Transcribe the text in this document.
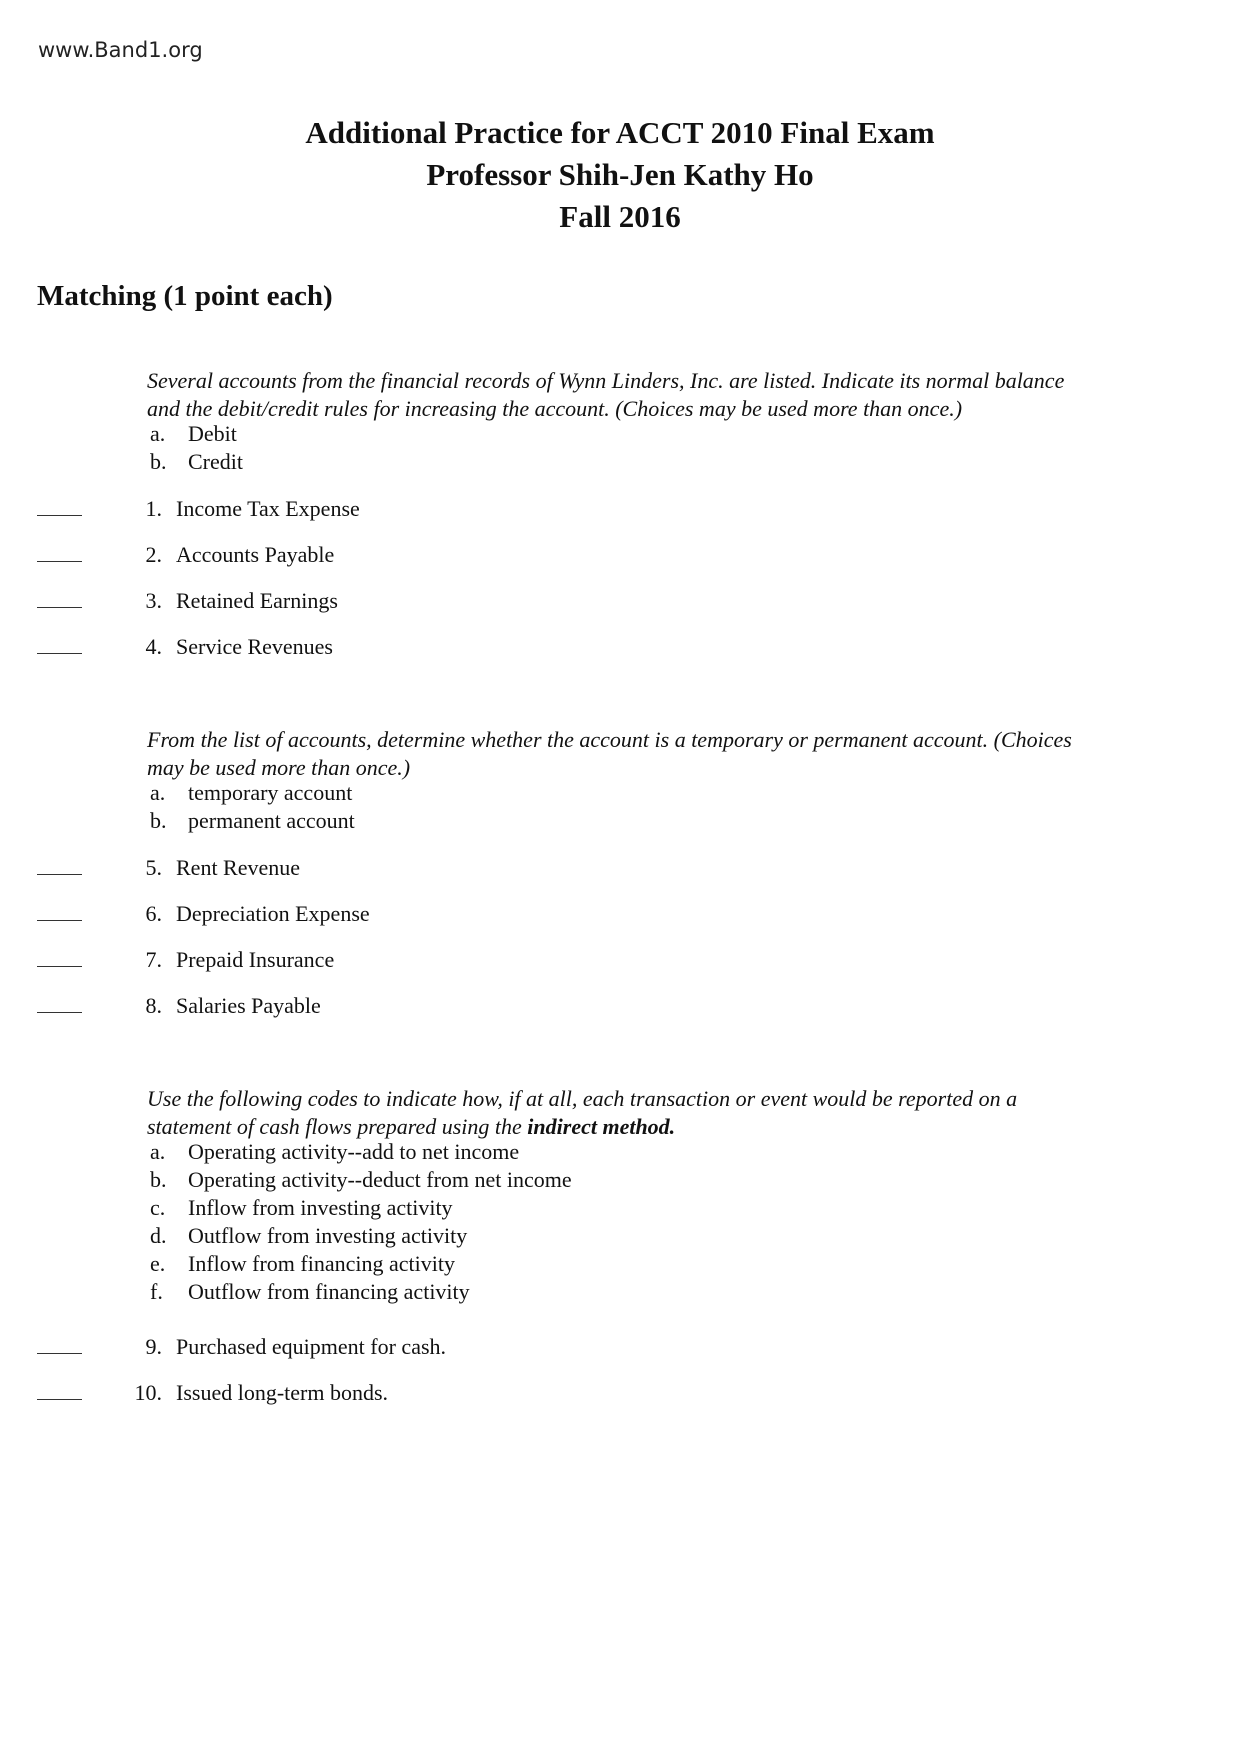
www.Band1.org
Additional Practice for ACCT 2010 Final Exam
Professor Shih-Jen Kathy Ho
Fall 2016
Matching (1 point each)
Several accounts from the financial records of Wynn Linders, Inc. are listed. Indicate its normal balance and the debit/credit rules for increasing the account. (Choices may be used more than once.)
a.	Debit
b. Credit
1. Income Tax Expense
2. Accounts Payable
3. Retained Earnings
4. Service Revenues
From the list of accounts, determine whether the account is a temporary or permanent account. (Choices may be used more than once.)
a.	temporary account
b. permanent account
5. Rent Revenue
6. Depreciation Expense
7. Prepaid Insurance
8. Salaries Payable
Use the following codes to indicate how, if at all, each transaction or event would be reported on a statement of cash flows prepared using the indirect method.
a.	Operating activity--add to net income
b. Operating activity--deduct from net income
c.	Inflow from investing activity
d. Outflow from investing activity
e.	Inflow from financing activity
f.	Outflow from financing activity
9. Purchased equipment for cash.
10. Issued long-term bonds.
